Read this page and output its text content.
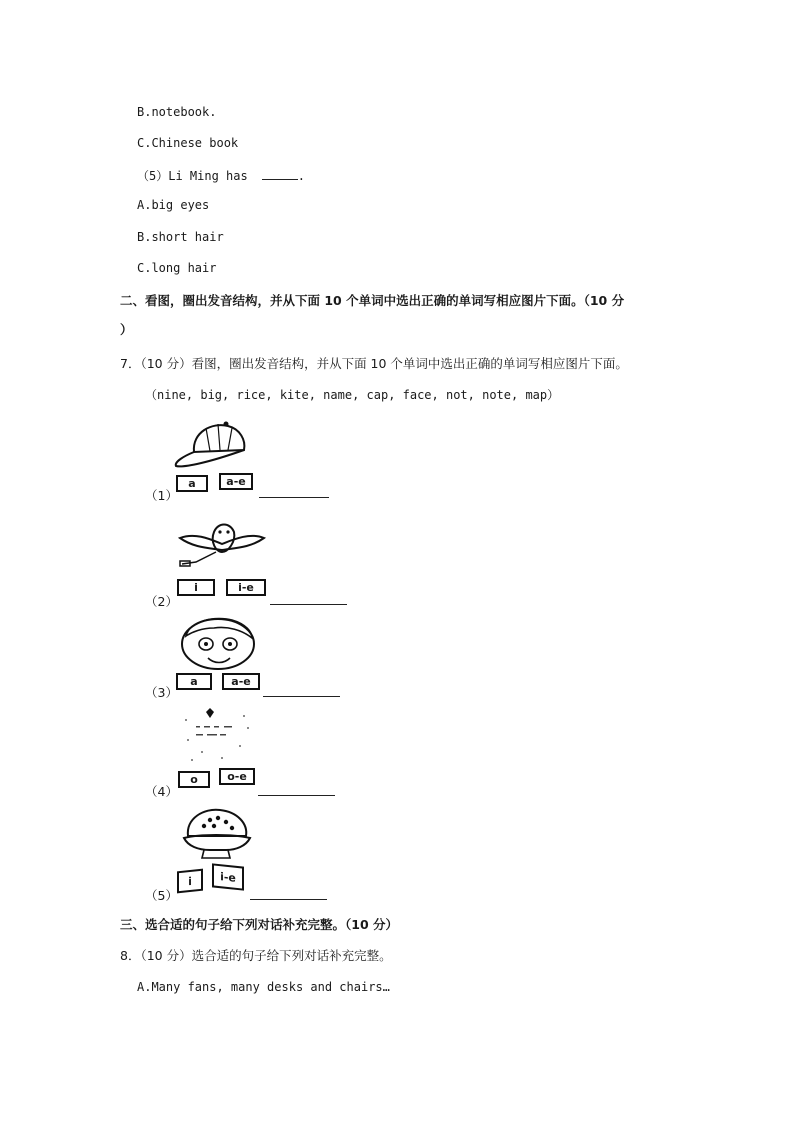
B.notebook.
C.Chinese book
（5）Li Ming has	.
A.big eyes
B.short hair
C.long hair
二、看图，圈出发音结构，并从下面 10 个单词中选出正确的单词写相应图片下面。（10 分
）
7．（10 分）看图，圈出发音结构，并从下面 10 个单词中选出正确的单词写相应图片下面。
（nine, big, rice, kite, name, cap, face, not, note, map）
（1）
a	a-e
（2）
i	i-e
（3）
a	a-e
（4）
o	o-e
（5）
i	i-e
三、选合适的句子给下列对话补充完整。（10 分）
8．（10 分）选合适的句子给下列对话补充完整。
A.Many fans, many desks and chairs…
